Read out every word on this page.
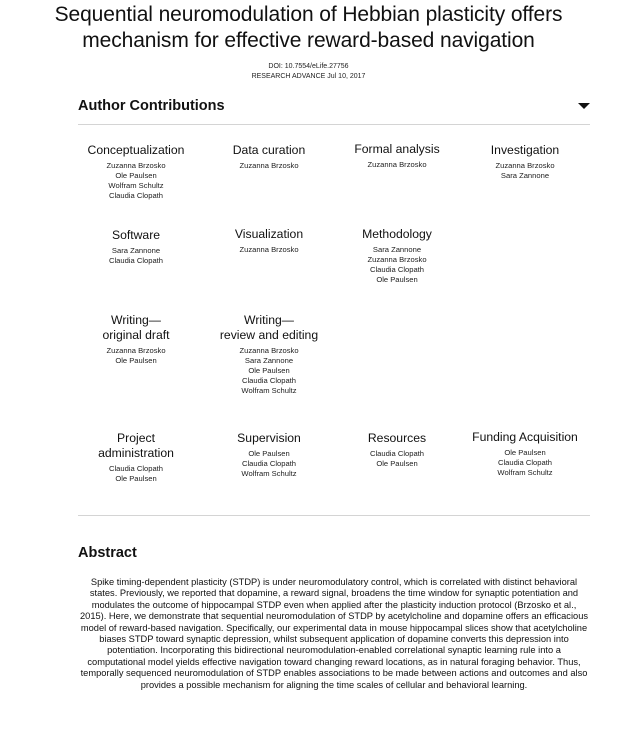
Sequential neuromodulation of Hebbian plasticity offers
mechanism for effective reward-based navigation
DOI: 10.7554/eLife.27756
RESEARCH ADVANCE Jul 10, 2017
Author Contributions
Conceptualization
Zuzanna Brzosko
Ole Paulsen
Wolfram Schultz
Claudia Clopath
Data curation
Zuzanna Brzosko
Formal analysis
Zuzanna Brzosko
Investigation
Zuzanna Brzosko
Sara Zannone
Software
Sara Zannone
Claudia Clopath
Visualization
Zuzanna Brzosko
Methodology
Sara Zannone
Zuzanna Brzosko
Claudia Clopath
Ole Paulsen
Writing—
original draft
Zuzanna Brzosko
Ole Paulsen
Writing—
review and editing
Zuzanna Brzosko
Sara Zannone
Ole Paulsen
Claudia Clopath
Wolfram Schultz
Project
administration
Claudia Clopath
Ole Paulsen
Supervision
Ole Paulsen
Claudia Clopath
Wolfram Schultz
Resources
Claudia Clopath
Ole Paulsen
Funding Acquisition
Ole Paulsen
Claudia Clopath
Wolfram Schultz
Abstract

Spike timing-dependent plasticity (STDP) is under neuromodulatory control, which is correlated with distinct behavioral states. Previously, we reported that dopamine, a reward signal, broadens the time window for synaptic potentiation and modulates the outcome of hippocampal STDP even when applied after the plasticity induction protocol (Brzosko et al., 2015). Here, we demonstrate that sequential neuromodulation of STDP by acetylcholine and dopamine offers an efficacious model of reward-based navigation. Specifically, our experimental data in mouse hippocampal slices show that acetylcholine biases STDP toward synaptic depression, whilst subsequent application of dopamine converts this depression into potentiation. Incorporating this bidirectional neuromodulation-enabled correlational synaptic learning rule into a computational model yields effective navigation toward changing reward locations, as in natural foraging behavior. Thus, temporally sequenced neuromodulation of STDP enables associations to be made between actions and outcomes and also provides a possible mechanism for aligning the time scales of cellular and behavioral learning.
